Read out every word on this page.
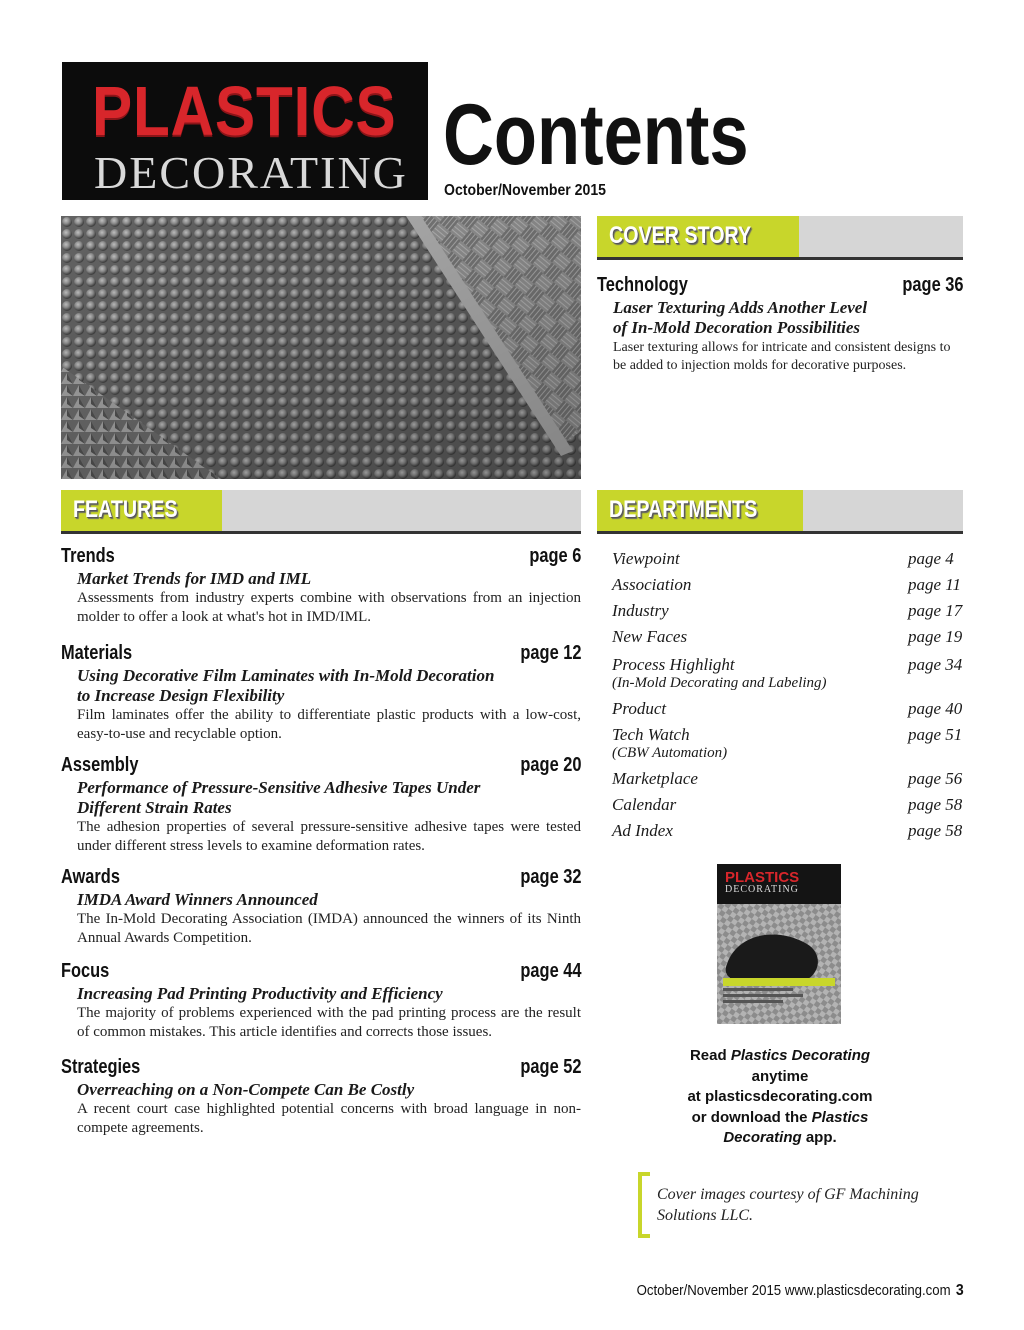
PLASTICS
DECORATING Contents
October/November 2015
COVER STORY
Technology	page 36
Laser Texturing Adds Another Level
of In-Mold Decoration Possibilities
Laser texturing allows for intricate and consistent designs to be added to injection molds for decorative purposes.
FEATURES
Trends	page 6
Market Trends for IMD and IML
Assessments from industry experts combine with observations from an injection molder to offer a look at what's hot in IMD/IML.
Materials	page 12
Using Decorative Film Laminates with In-Mold Decoration
to Increase Design Flexibility
Film laminates offer the ability to differentiate plastic products with a low-cost, easy-to-use and recyclable option.
Assembly	page 20
Performance of Pressure-Sensitive Adhesive Tapes Under
Different Strain Rates
The adhesion properties of several pressure-sensitive adhesive tapes were tested under different stress levels to examine deformation rates.
Awards	page 32
IMDA Award Winners Announced
The In-Mold Decorating Association (IMDA) announced the winners of its Ninth Annual Awards Competition.
Focus	page 44
Increasing Pad Printing Productivity and Efficiency
The majority of problems experienced with the pad printing process are the result of common mistakes. This article identifies and corrects those issues.
Strategies	page 52
Overreaching on a Non-Compete Can Be Costly
A recent court case highlighted potential concerns with broad language in non-compete agreements.
DEPARTMENTS
Viewpoint	page 4
Association	page 11
Industry	page 17
New Faces	page 19
Process Highlight	page 34
(In-Mold Decorating and Labeling)
Product	page 40
Tech Watch	page 51
(CBW Automation)
Marketplace	page 56
Calendar	page 58
Ad Index	page 58
PLASTICS
DECORATING
Read Plastics Decorating
anytime
at plasticsdecorating.com
or download the Plastics
Decorating app.
Cover images courtesy of GF Machining Solutions LLC.
October/November 2015 www.plasticsdecorating.com 3
